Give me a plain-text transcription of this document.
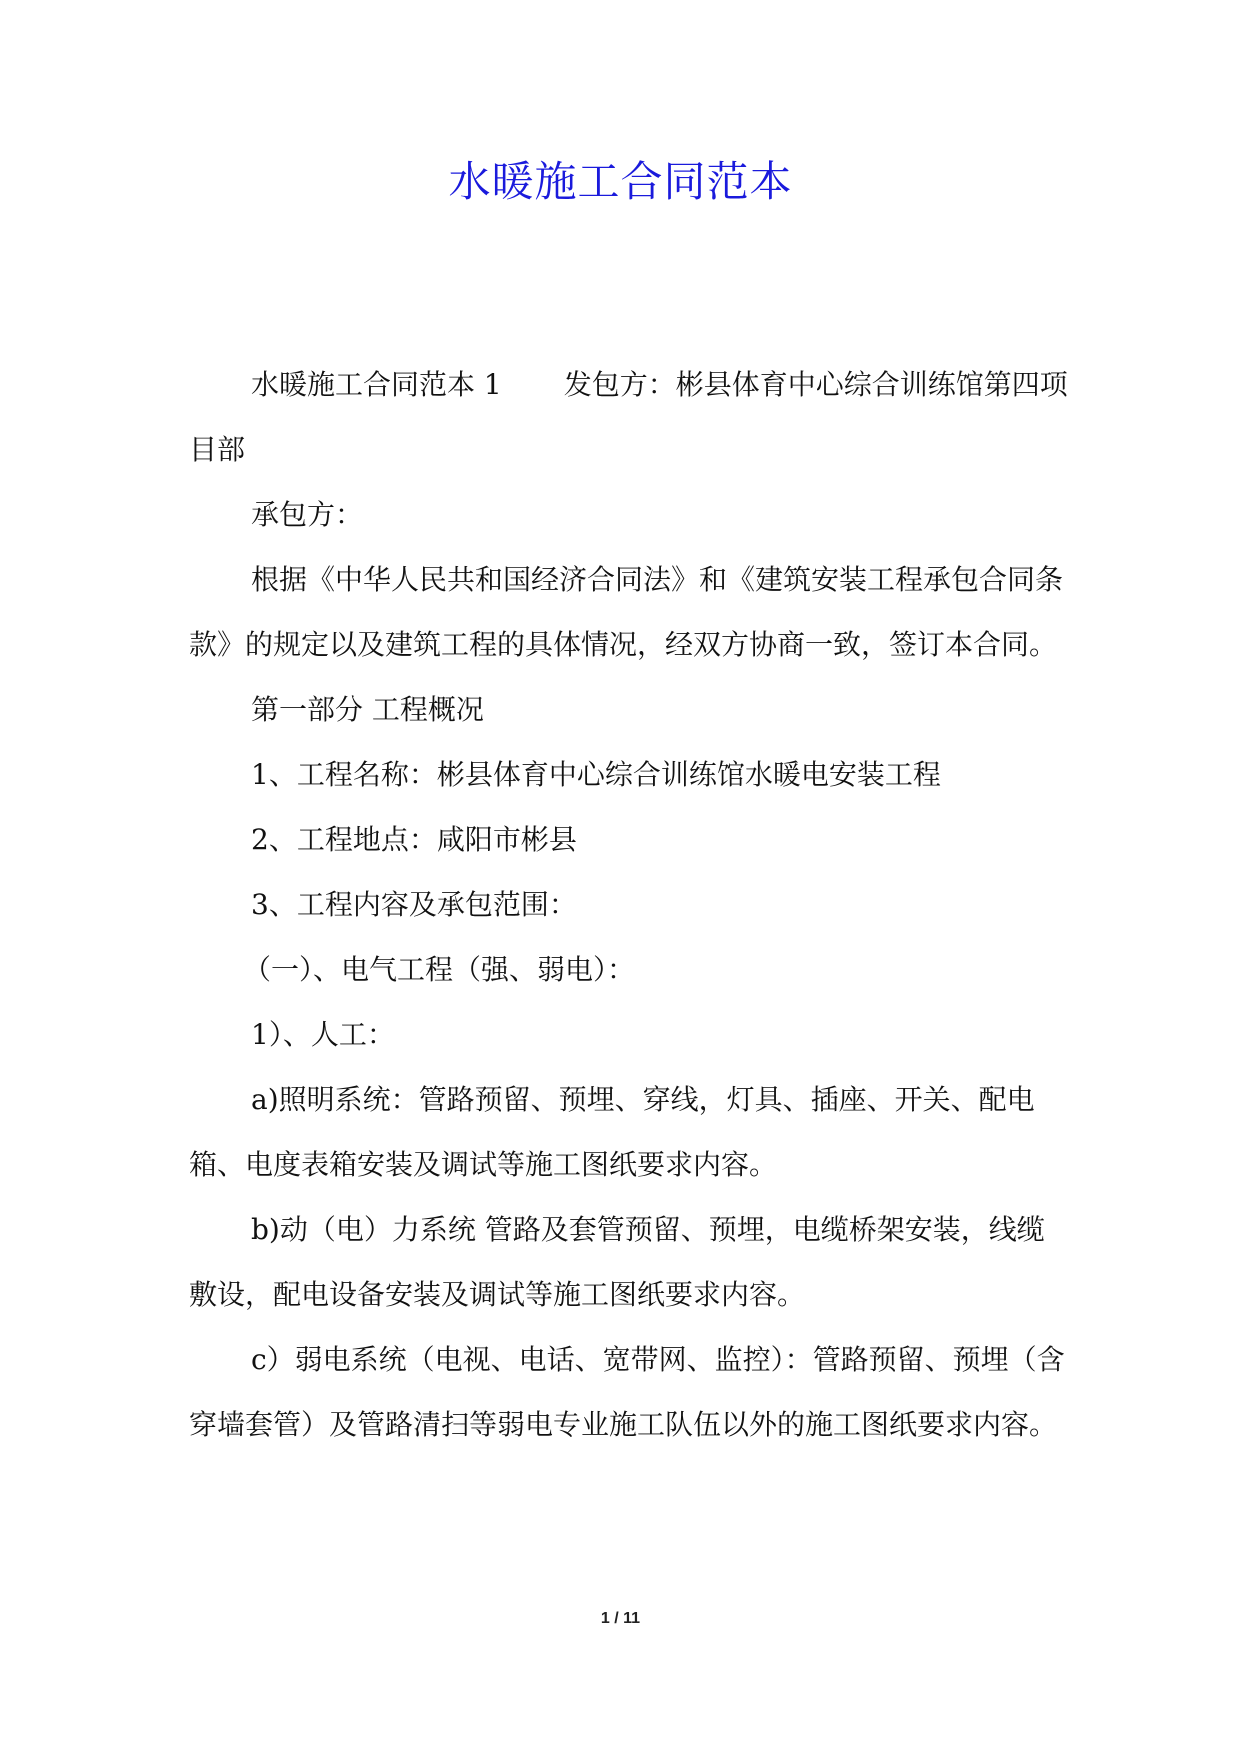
水暖施工合同范本

水暖施工合同范本 1 发包方：彬县体育中心综合训练馆第四项目部

承包方：

根据《中华人民共和国经济合同法》和《建筑安装工程承包合同条款》的规定以及建筑工程的具体情况，经双方协商一致，签订本合同。

第一部分 工程概况

1、工程名称：彬县体育中心综合训练馆水暖电安装工程

2、工程地点：咸阳市彬县

3、工程内容及承包范围：

（一）、电气工程（强、弱电）：

1）、人工：

a)照明系统：管路预留、预埋、穿线，灯具、插座、开关、配电箱、电度表箱安装及调试等施工图纸要求内容。

b)动（电）力系统 管路及套管预留、预埋，电缆桥架安装，线缆敷设，配电设备安装及调试等施工图纸要求内容。

c）弱电系统（电视、电话、宽带网、监控）：管路预留、预埋（含穿墙套管）及管路清扫等弱电专业施工队伍以外的施工图纸要求内容。

1 / 11
